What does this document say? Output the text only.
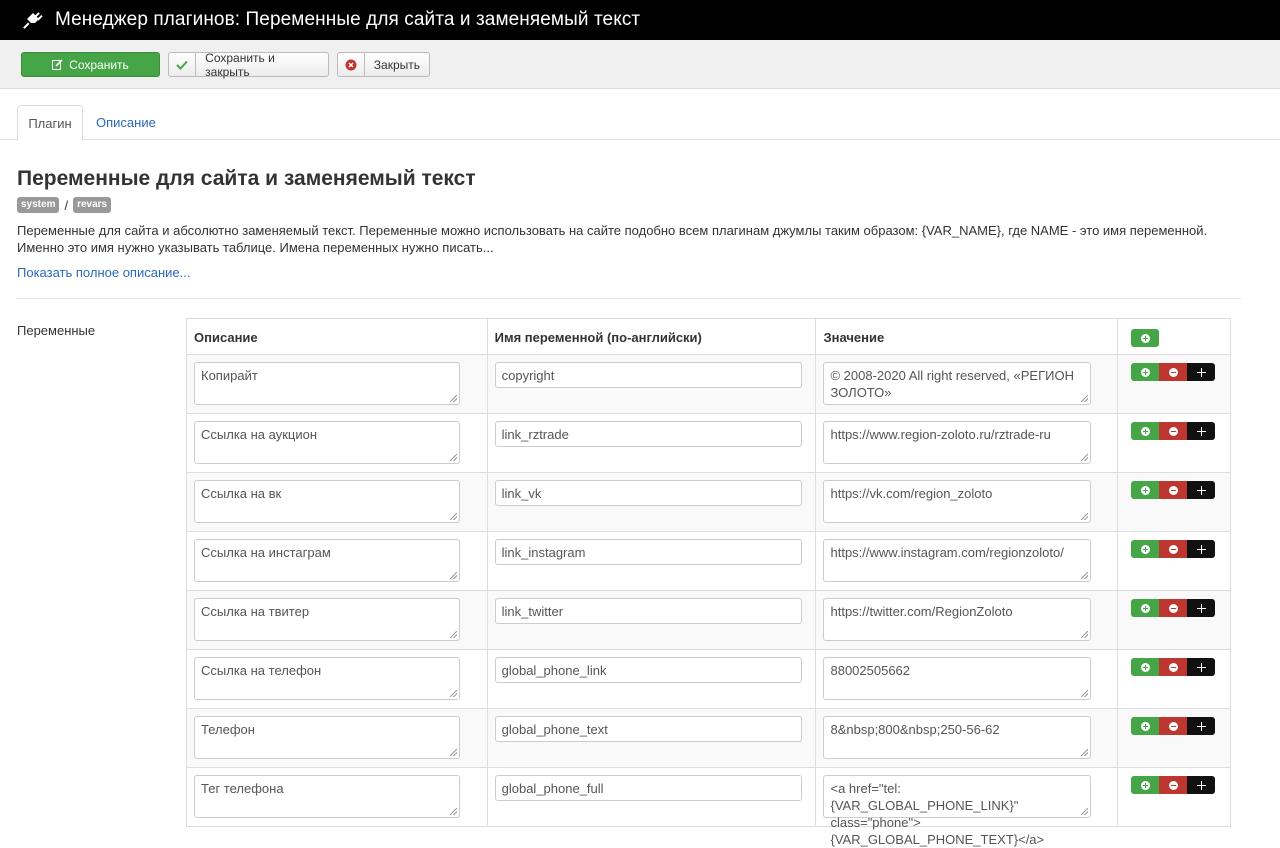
Менеджер плагинов: Переменные для сайта и заменяемый текст
Сохранить	Сохранить и закрыть	Закрыть
Плагин	Описание
Переменные для сайта и заменяемый текст
system / revars
Переменные для сайта и абсолютно заменяемый текст. Переменные можно использовать на сайте подобно всем плагинам джумлы таким образом: {VAR_NAME}, где NAME - это имя переменной. Именно это имя нужно указывать таблице. Имена переменных нужно писать...
Показать полное описание...
Переменные	Описание	Имя переменной (по-английски)	Значение	

Копирайт	copyright	© 2008-2020 All right reserved, «РЕГИОН ЗОЛОТО»	

Ссылка на аукцион	link_rztrade	https://www.region-zoloto.ru/rztrade-ru	

Ссылка на вк	link_vk	https://vk.com/region_zoloto	

Ссылка на инстаграм	link_instagram	https://www.instagram.com/regionzoloto/	

Ссылка на твитер	link_twitter	https://twitter.com/RegionZoloto	

Ссылка на телефон	global_phone_link	88002505662	

Телефон	global_phone_text	8&nbsp;800&nbsp;250-56-62	

Тег телефона	global_phone_full	<a href="tel:{VAR_GLOBAL_PHONE_LINK}" class="phone">
{VAR_GLOBAL_PHONE_TEXT}</a>	
